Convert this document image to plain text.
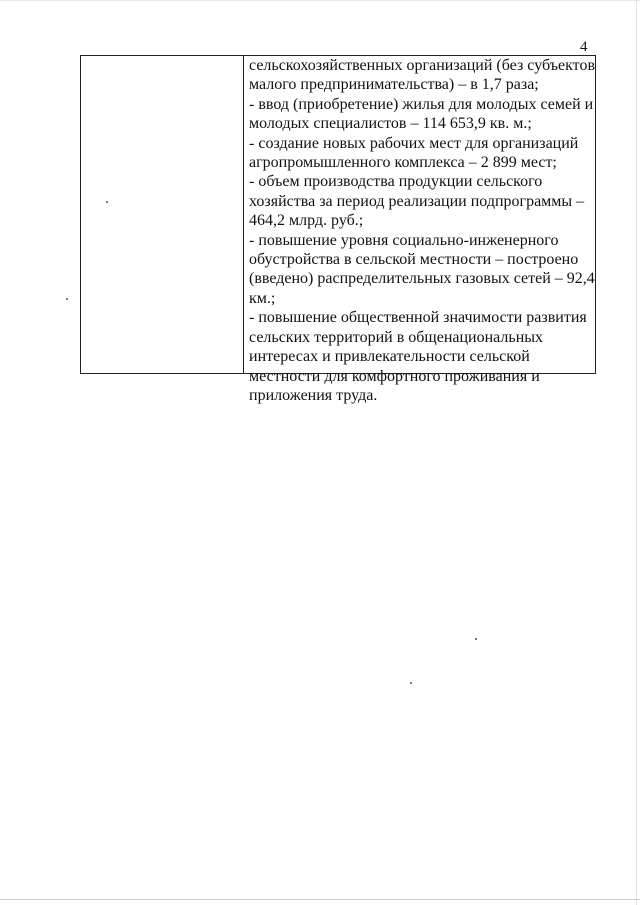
4
сельскохозяйственных организаций (без субъектов
малого предпринимательства) – в 1,7 раза;
- ввод (приобретение) жилья для молодых семей и
молодых специалистов – 114 653,9 кв. м.;
- создание новых рабочих мест для организаций
агропромышленного комплекса – 2 899 мест;
- объем производства продукции сельского
хозяйства за период реализации подпрограммы –
464,2 млрд. руб.;
- повышение уровня социально-инженерного
обустройства в сельской местности – построено
(введено) распределительных газовых сетей – 92,4
км.;
- повышение общественной значимости развития
сельских территорий в общенациональных
интересах и привлекательности сельской
местности для комфортного проживания и
приложения труда.
